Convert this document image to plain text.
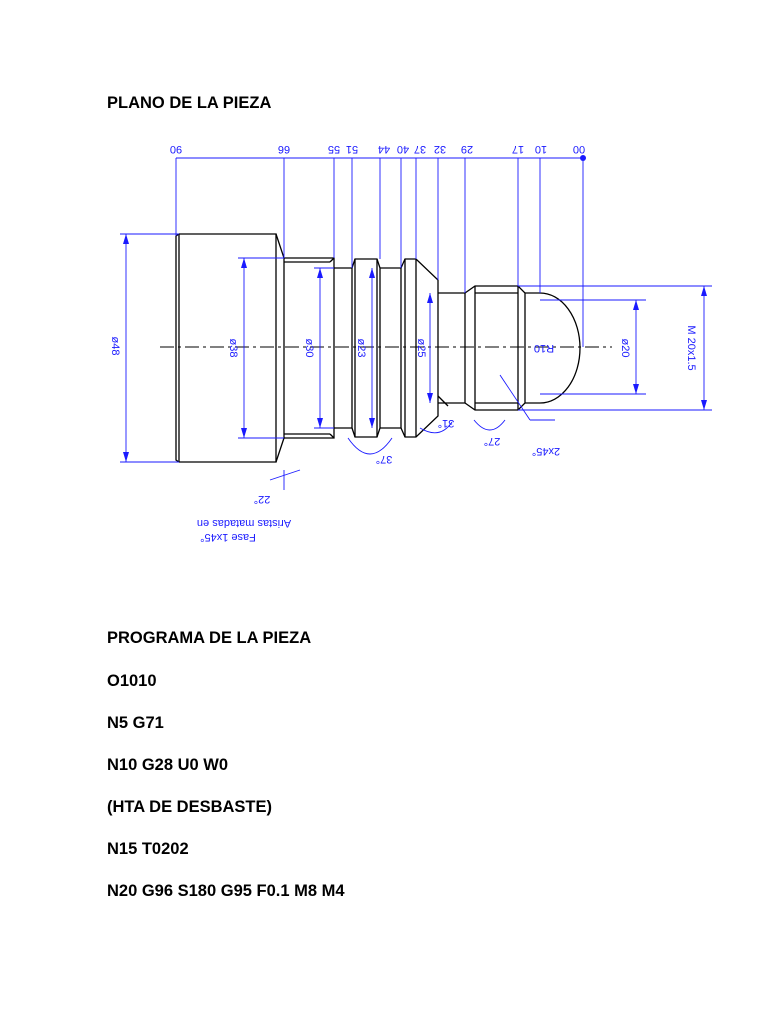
PLANO DE LA PIEZA
90	66	55 51 44 40 37 32 29	17 10 00
ø48	ø38	ø30	ø23	ø25	ø20	M 20x1.5
R10
22°
37°
31°
27°
2x45°
Aristas matadas en
Fase 1x45°
PROGRAMA DE LA PIEZA

O1010

N5 G71

N10 G28 U0 W0

(HTA DE DESBASTE)

N15 T0202

N20 G96 S180 G95 F0.1 M8 M4
